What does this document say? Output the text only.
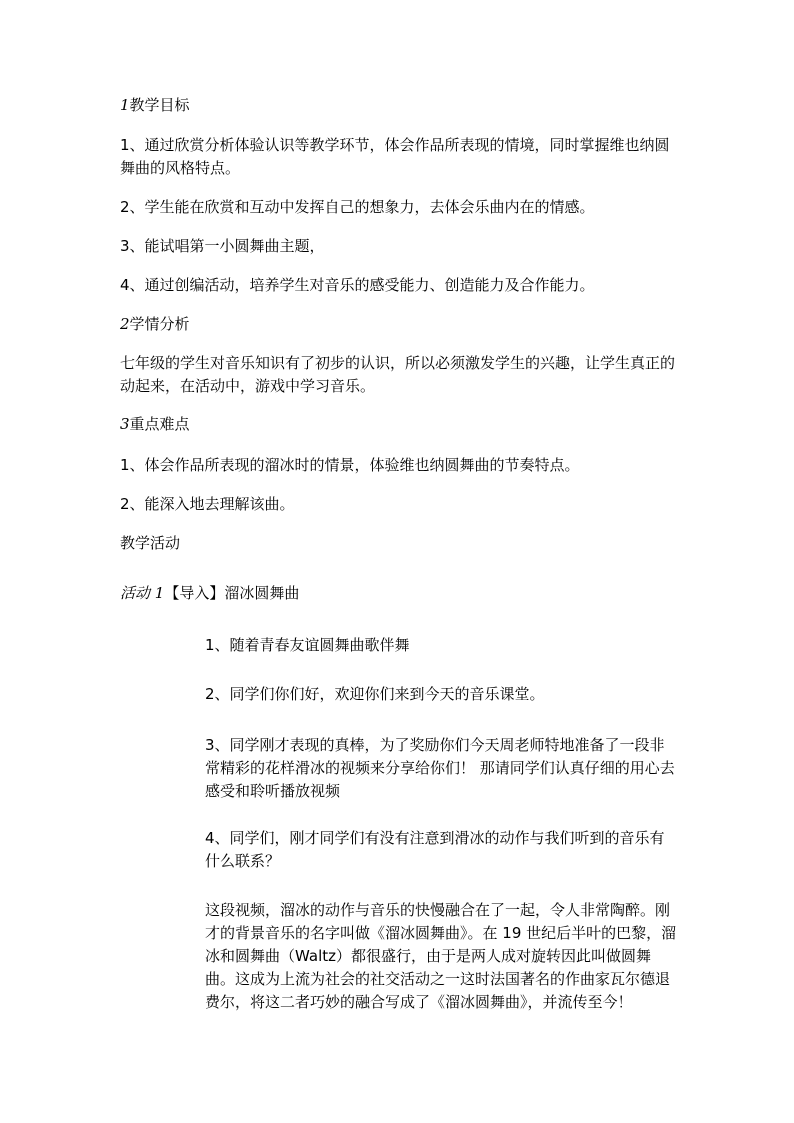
1教学目标

1、通过欣赏分析体验认识等教学环节，体会作品所表现的情境，同时掌握维也纳圆舞曲的风格特点。

2、学生能在欣赏和互动中发挥自己的想象力，去体会乐曲内在的情感。

3、能试唱第一小圆舞曲主题，

4、通过创编活动，培养学生对音乐的感受能力、创造能力及合作能力。

2学情分析

七年级的学生对音乐知识有了初步的认识，所以必须激发学生的兴趣，让学生真正的动起来，在活动中，游戏中学习音乐。

3重点难点

1、体会作品所表现的溜冰时的情景，体验维也纳圆舞曲的节奏特点。

2、能深入地去理解该曲。

教学活动

活动 1【导入】溜冰圆舞曲

1、随着青春友谊圆舞曲歌伴舞

2、同学们你们好，欢迎你们来到今天的音乐课堂。

3、同学刚才表现的真棒，为了奖励你们今天周老师特地准备了一段非常精彩的花样滑冰的视频来分享给你们！ 那请同学们认真仔细的用心去感受和聆听播放视频

4、同学们，刚才同学们有没有注意到滑冰的动作与我们听到的音乐有什么联系？

这段视频，溜冰的动作与音乐的快慢融合在了一起，令人非常陶醉。刚才的背景音乐的名字叫做《溜冰圆舞曲》。在 19 世纪后半叶的巴黎，溜冰和圆舞曲（Waltz）都很盛行，由于是两人成对旋转因此叫做圆舞曲。这成为上流为社会的社交活动之一这时法国著名的作曲家瓦尔德退费尔，将这二者巧妙的融合写成了《溜冰圆舞曲》，并流传至今！
